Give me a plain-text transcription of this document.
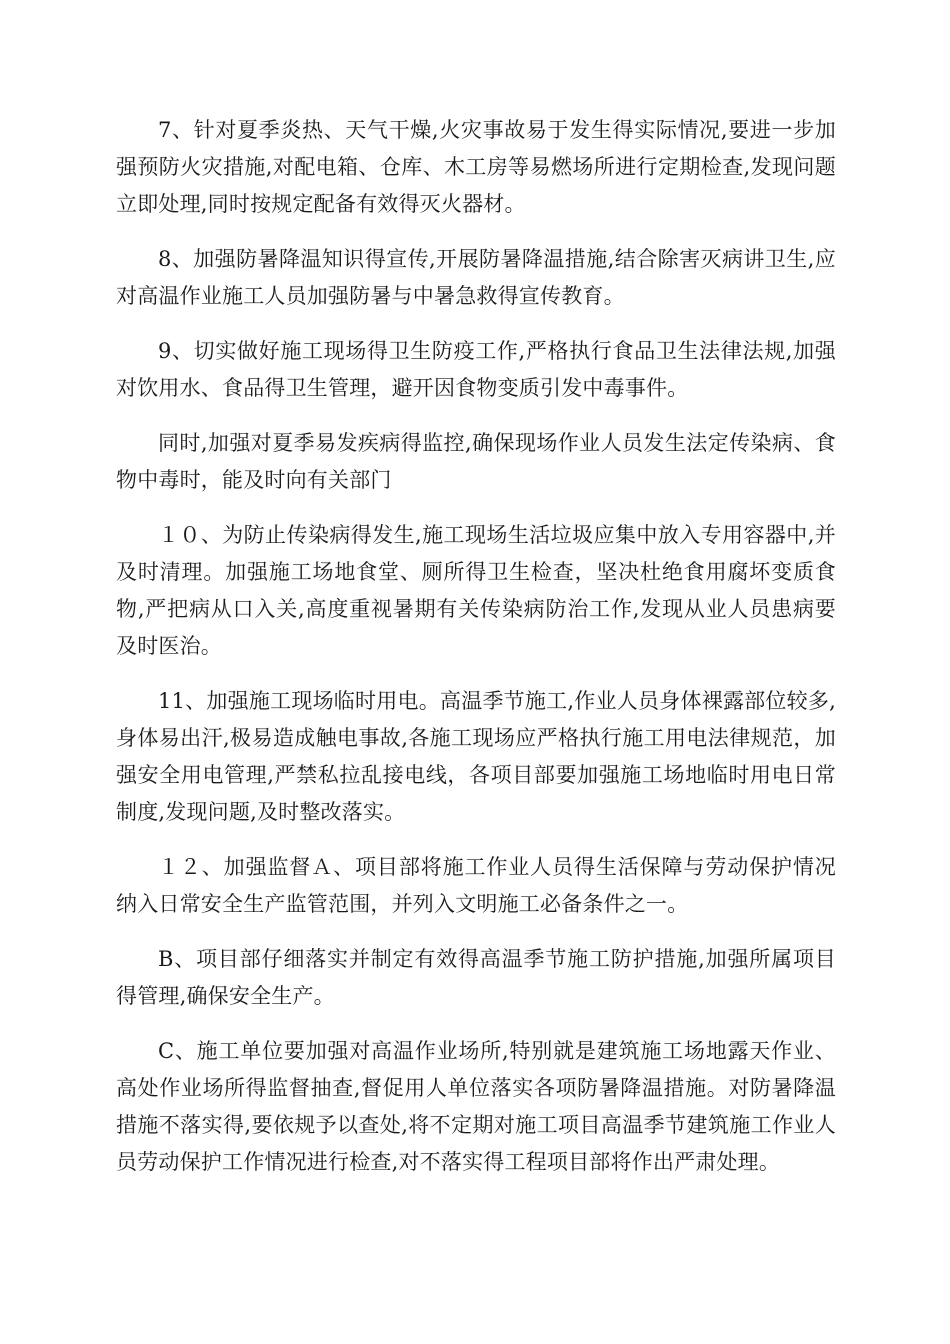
7、针对夏季炎热、天气干燥,火灾事故易于发生得实际情况,要进一步加强预防火灾措施,对配电箱、仓库、木工房等易燃场所进行定期检查,发现问题立即处理,同时按规定配备有效得灭火器材。

8、加强防暑降温知识得宣传,开展防暑降温措施,结合除害灭病讲卫生,应对高温作业施工人员加强防暑与中暑急救得宣传教育。

9、切实做好施工现场得卫生防疫工作,严格执行食品卫生法律法规,加强对饮用水、食品得卫生管理，避开因食物变质引发中毒事件。

同时,加强对夏季易发疾病得监控,确保现场作业人员发生法定传染病、食物中毒时，能及时向有关部门

１０、为防止传染病得发生,施工现场生活垃圾应集中放入专用容器中,并及时清理。加强施工场地食堂、厕所得卫生检查，坚决杜绝食用腐坏变质食物,严把病从口入关,高度重视暑期有关传染病防治工作,发现从业人员患病要及时医治。

11、加强施工现场临时用电。高温季节施工,作业人员身体裸露部位较多,身体易出汗,极易造成触电事故,各施工现场应严格执行施工用电法律规范，加强安全用电管理,严禁私拉乱接电线，各项目部要加强施工场地临时用电日常制度,发现问题,及时整改落实。

１２、加强监督Ａ、项目部将施工作业人员得生活保障与劳动保护情况纳入日常安全生产监管范围，并列入文明施工必备条件之一。

B、项目部仔细落实并制定有效得高温季节施工防护措施,加强所属项目得管理,确保安全生产。

C、施工单位要加强对高温作业场所,特别就是建筑施工场地露天作业、高处作业场所得监督抽查,督促用人单位落实各项防暑降温措施。对防暑降温措施不落实得,要依规予以查处,将不定期对施工项目高温季节建筑施工作业人员劳动保护工作情况进行检查,对不落实得工程项目部将作出严肃处理。
